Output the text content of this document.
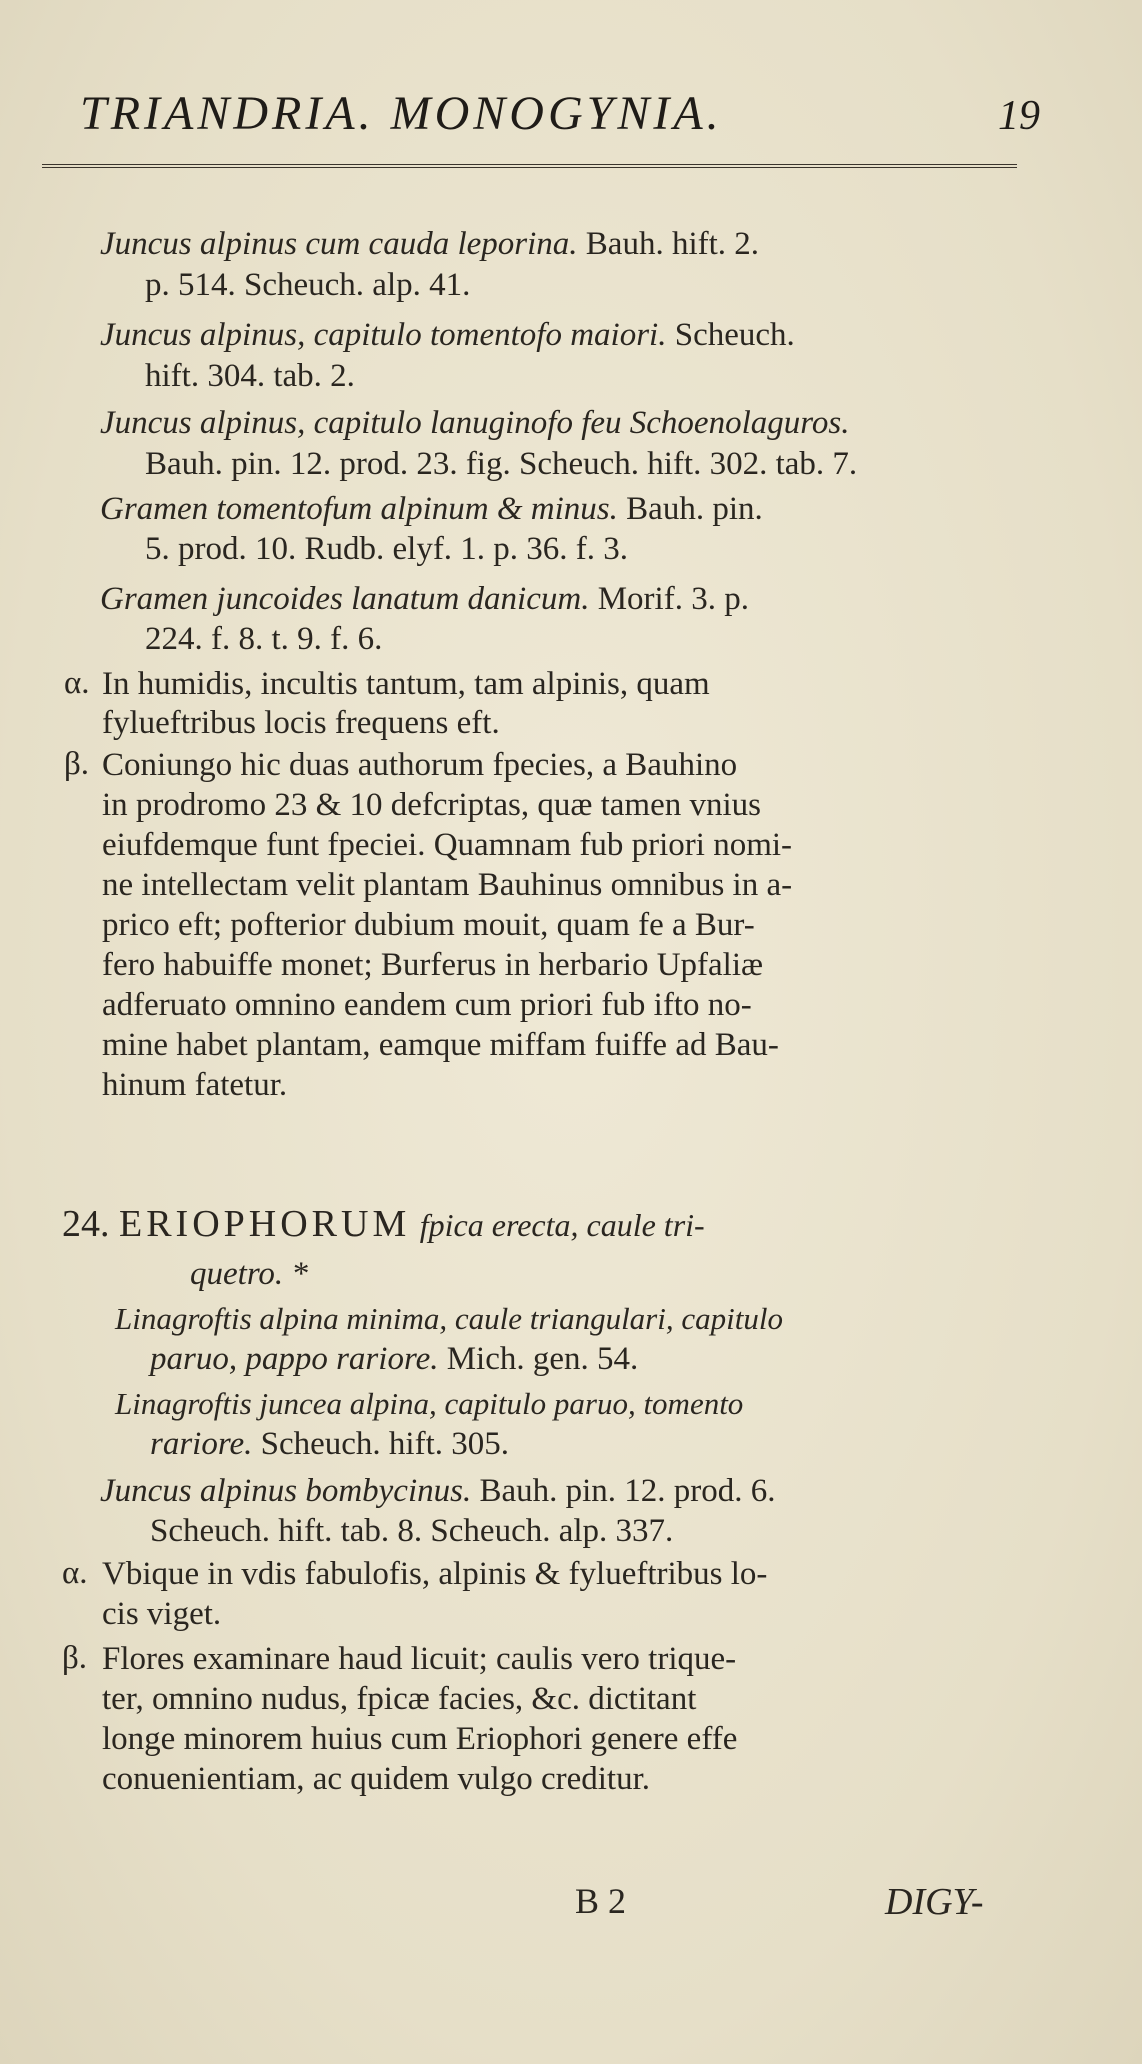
TRIANDRIA. MONOGYNIA.	19
Juncus alpinus cum cauda leporina. Bauh. hift. 2.
p. 514. Scheuch. alp. 41.
Juncus alpinus, capitulo tomentofo maiori. Scheuch.
hift. 304. tab. 2.
Juncus alpinus, capitulo lanuginofo feu Schoenolaguros.
Bauh. pin. 12. prod. 23. fig. Scheuch. hift. 302. tab. 7.
Gramen tomentofum alpinum & minus. Bauh. pin.
5. prod. 10. Rudb. elyf. 1. p. 36. f. 3.
Gramen juncoides lanatum danicum. Morif. 3. p.
224. f. 8. t. 9. f. 6.
α. In humidis, incultis tantum, tam alpinis, quam
fylueftribus locis frequens eft.
β. Coniungo hic duas authorum fpecies, a Bauhino
in prodromo 23 & 10 defcriptas, quæ tamen vnius
eiufdemque funt fpeciei. Quamnam fub priori nomi-
ne intellectam velit plantam Bauhinus omnibus in a-
prico eft; pofterior dubium mouit, quam fe a Bur-
fero habuiffe monet; Burferus in herbario Upfaliæ
adferuato omnino eandem cum priori fub ifto no-
mine habet plantam, eamque miffam fuiffe ad Bau-
hinum fatetur.
24. ERIOPHORUM fpica erecta, caule tri-
quetro. *
Linagroftis alpina minima, caule triangulari, capitulo
paruo, pappo rariore. Mich. gen. 54.
Linagroftis juncea alpina, capitulo paruo, tomento
rariore. Scheuch. hift. 305.
Juncus alpinus bombycinus. Bauh. pin. 12. prod. 6.
Scheuch. hift. tab. 8. Scheuch. alp. 337.
α. Vbique in vdis fabulofis, alpinis & fylueftribus lo-
cis viget.
β. Flores examinare haud licuit; caulis vero trique-
ter, omnino nudus, fpicæ facies, &c. dictitant
longe minorem huius cum Eriophori genere effe
conuenientiam, ac quidem vulgo creditur.
B 2	DIGY-
